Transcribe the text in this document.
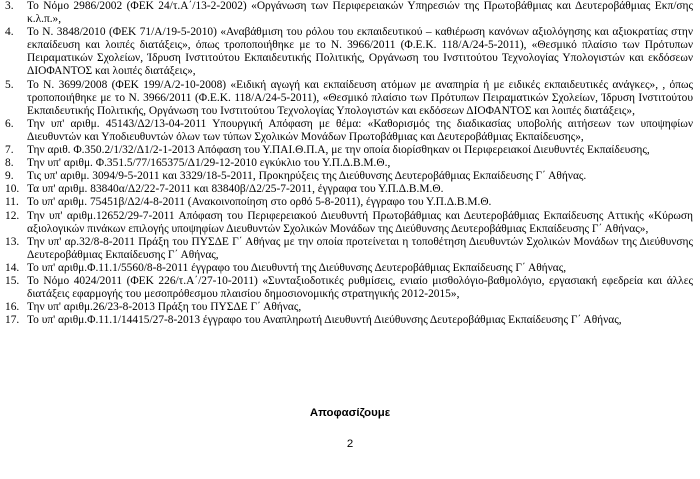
3. Το Νόμο 2986/2002 (ΦΕΚ 24/τ.Α΄/13-2-2002) «Οργάνωση των Περιφερειακών Υπηρεσιών της Πρωτοβάθμιας και Δευτεροβάθμιας Εκπ/σης κ.λ.π.»,
4. Το Ν. 3848/2010 (ΦΕΚ 71/Α/19-5-2010) «Αναβάθμιση του ρόλου του εκπαιδευτικού – καθιέρωση κανόνων αξιολόγησης και αξιοκρατίας στην εκπαίδευση και λοιπές διατάξεις», όπως τροποποιήθηκε με το Ν. 3966/2011 (Φ.Ε.Κ. 118/Α/24-5-2011), «Θεσμικό πλαίσιο των Πρότυπων Πειραματικών Σχολείων, Ίδρυση Ινστιτούτου Εκπαιδευτικής Πολιτικής, Οργάνωση του Ινστιτούτου Τεχνολογίας Υπολογιστών και εκδόσεων ΔΙΟΦΑΝΤΟΣ και λοιπές διατάξεις»,
5. Το Ν. 3699/2008 (ΦΕΚ 199/Α/2-10-2008) «Ειδική αγωγή και εκπαίδευση ατόμων με αναπηρία ή με ειδικές εκπαιδευτικές ανάγκες», , όπως τροποποιήθηκε με το Ν. 3966/2011 (Φ.Ε.Κ. 118/Α/24-5-2011), «Θεσμικό πλαίσιο των Πρότυπων Πειραματικών Σχολείων, Ίδρυση Ινστιτούτου Εκπαιδευτικής Πολιτικής, Οργάνωση του Ινστιτούτου Τεχνολογίας Υπολογιστών και εκδόσεων ΔΙΟΦΑΝΤΟΣ και λοιπές διατάξεις»,
6. Την υπ' αριθμ. 45143/Δ2/13-04-2011 Υπουργική Απόφαση με θέμα: «Καθορισμός της διαδικασίας υποβολής αιτήσεων των υποψηφίων Διευθυντών και Υποδιευθυντών όλων των τύπων Σχολικών Μονάδων Πρωτοβάθμιας και Δευτεροβάθμιας Εκπαίδευσης»,
7. Την αριθ. Φ.350.2/1/32/Δ1/2-1-2013 Απόφαση του Υ.ΠΑΙ.Θ.Π.Α, με την οποία διορίσθηκαν οι Περιφερειακοί Διευθυντές Εκπαίδευσης,
8. Την υπ' αριθμ. Φ.351.5/77/165375/Δ1/29-12-2010 εγκύκλιο του Υ.Π.Δ.Β.Μ.Θ.,
9. Τις υπ' αριθμ. 3094/9-5-2011 και 3329/18-5-2011, Προκηρύξεις της Διεύθυνσης Δευτεροβάθμιας Εκπαίδευσης Γ΄ Αθήνας.
10. Τα υπ' αριθμ. 83840α/Δ2/22-7-2011 και 83840β/Δ2/25-7-2011, έγγραφα του Υ.Π.Δ.Β.Μ.Θ.
11. Το υπ' αριθμ. 75451β/Δ2/4-8-2011 (Ανακοινοποίηση στο ορθό 5-8-2011), έγγραφο του Υ.Π.Δ.Β.Μ.Θ.
12. Την υπ' αριθμ.12652/29-7-2011 Απόφαση του Περιφερειακού Διευθυντή Πρωτοβάθμιας και Δευτεροβάθμιας Εκπαίδευσης Αττικής «Κύρωση αξιολογικών πινάκων επιλογής υποψηφίων Διευθυντών Σχολικών Μονάδων της Διεύθυνσης Δευτεροβάθμιας Εκπαίδευσης Γ΄ Αθήνας»,
13. Την υπ' αρ.32/8-8-2011 Πράξη του ΠΥΣΔΕ Γ΄ Αθήνας με την οποία προτείνεται η τοποθέτηση Διευθυντών Σχολικών Μονάδων της Διεύθυνσης Δευτεροβάθμιας Εκπαίδευσης Γ΄ Αθήνας,
14. Το υπ' αριθμ.Φ.11.1/5560/8-8-2011 έγγραφο του Διευθυντή της Διεύθυνσης Δευτεροβάθμιας Εκπαίδευσης Γ΄ Αθήνας,
15. Το Νόμο 4024/2011 (ΦΕΚ 226/τ.Α΄/27-10-2011) «Συνταξιοδοτικές ρυθμίσεις, ενιαίο μισθολόγιο-βαθμολόγιο, εργασιακή εφεδρεία και άλλες διατάξεις εφαρμογής του μεσοπρόθεσμου πλαισίου δημοσιονομικής στρατηγικής 2012-2015»,
16. Την υπ' αριθμ.26/23-8-2013 Πράξη του ΠΥΣΔΕ Γ΄ Αθήνας,
17. Το υπ' αριθμ.Φ.11.1/14415/27-8-2013 έγγραφο του Αναπληρωτή Διευθυντή Διεύθυνσης Δευτεροβάθμιας Εκπαίδευσης Γ΄ Αθήνας,
Αποφασίζουμε
2
